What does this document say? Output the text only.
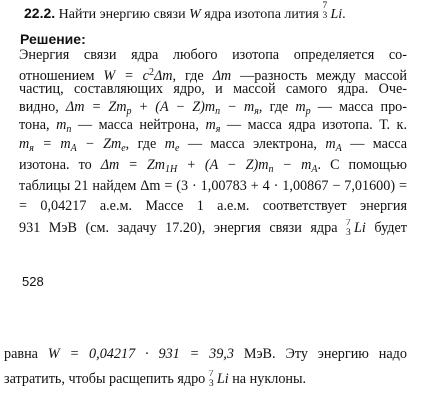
22.2. Найти энергию связи W ядра изотопа лития
7
3 Li.
Решение:
Энергия связи ядра любого изотопа определяется со-
отношением $W = c^2\Delta m$, где Δm —разность между массой
частиц, составляющих ядро, и массой самого ядра. Оче-
видно, $\Delta m = Zm_p + (A - Z)m_n - m_я$, где $m_p$ — масса про-
тона, $m_n$ — масса нейтрона, $m_я$ — масса ядра изотопа. Т. к.
$m_я = m_A - Zm_e$, где $m_e$ — масса электрона, $m_A$ — масса
изотона. то $\Delta m = Zm_{1H} + (A - Z)m_n - m_A$. С помощью
таблицы 21 найдем Δm = (3 · 1,00783 + 4 · 1,00867 − 7,01600) =
= 0,04217 а.е.м. Массе 1 а.е.м. соответствует энергия
931 МэВ (см. задачу 17.20), энергия связи ядра 7
3 Li будет
528
равна W = 0,04217 · 931 = 39,3 МэВ. Эту энергию надо
затратить, чтобы расщепить ядро 7
3 Li на нуклоны.
